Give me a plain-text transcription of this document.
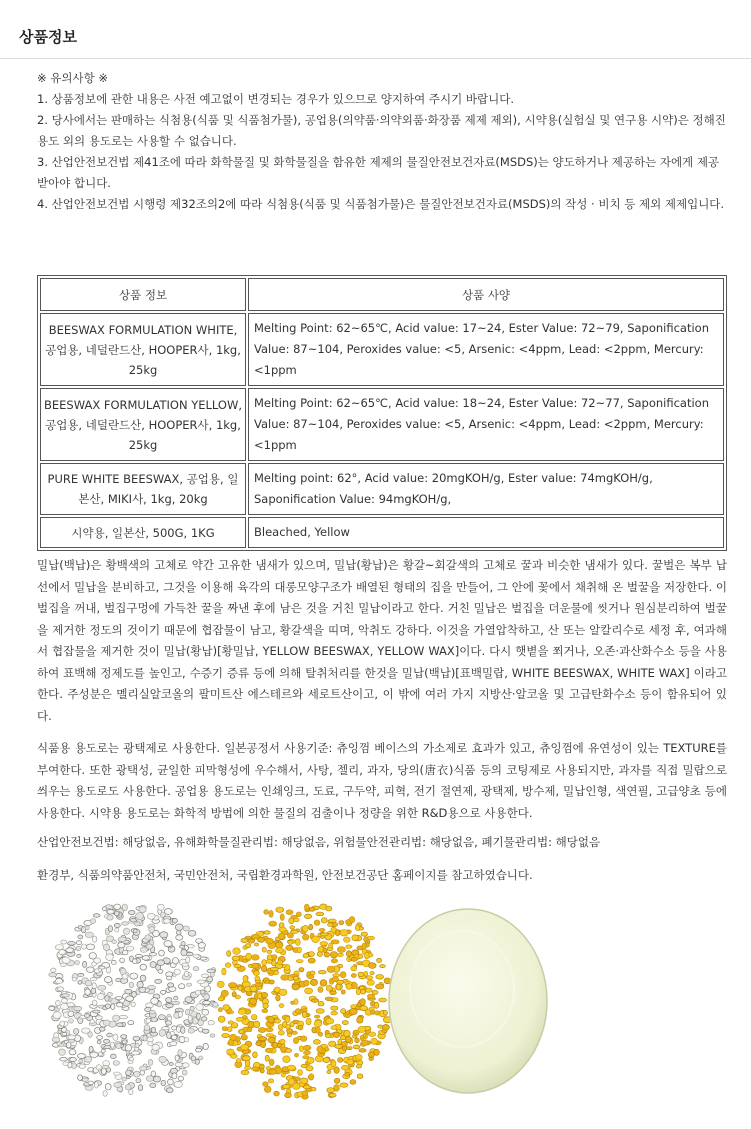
상품정보

※ 유의사항 ※

1. 상품정보에 관한 내용은 사전 예고없이 변경되는 경우가 있으므로 양지하여 주시기 바랍니다.

2. 당사에서는 판매하는 식첨용(식품 및 식품첨가물), 공업용(의약품·의약외품·화장품 제제 제외), 시약용(실험실 및 연구용 시약)은 정해진 용도 외의 용도로는 사용할 수 없습니다.

3. 산업안전보건법 제41조에 따라 화학물질 및 화학물질을 함유한 제제의 물질안전보건자료(MSDS)는 양도하거나 제공하는 자에게 제공받아야 합니다.

4. 산업안전보건법 시행령 제32조의2에 따라 식첨용(식품 및 식품첨가물)은 물질안전보건자료(MSDS)의 작성 · 비치 등 제외 제제입니다.

상품 정보	상품 사양
BEESWAX FORMULATION WHITE, 공업용, 네덜란드산, HOOPER사, 1kg, 25kg	Melting Point: 62~65℃, Acid value: 17~24, Ester Value: 72~79, Saponification Value: 87~104, Peroxides value: <5, Arsenic: <4ppm, Lead: <2ppm, Mercury: <1ppm
BEESWAX FORMULATION YELLOW, 공업용, 네덜란드산, HOOPER사, 1kg, 25kg	Melting Point: 62~65℃, Acid value: 18~24, Ester Value: 72~77, Saponification Value: 87~104, Peroxides value: <5, Arsenic: <4ppm, Lead: <2ppm, Mercury: <1ppm
PURE WHITE BEESWAX, 공업용, 일본산, MIKI사, 1kg, 20kg	Melting point: 62°, Acid value: 20mgKOH/g, Ester value: 74mgKOH/g, Saponification Value: 94mgKOH/g,
시약용, 일본산, 500G, 1KG	Bleached, Yellow

밀납(백납)은 황백색의 고체로 약간 고유한 냄새가 있으며, 밀납(황납)은 황갈~회갈색의 고체로 꿀과 비슷한 냄새가 있다. 꿀벌은 복부 납선에서 밀납을 분비하고, 그것을 이용해 육각의 대롱모양구조가 배열된 형태의 집을 만들어, 그 안에 꽃에서 채취해 온 벌꿀을 저장한다. 이 벌집을 꺼내, 벌집구멍에 가득찬 꿀을 짜낸 후에 남은 것을 거친 밀납이라고 한다. 거친 밀납은 벌집을 더운물에 씻거나 원심분리하여 벌꿀을 제거한 정도의 것이기 때문에 협잡물이 남고, 황갈색을 띠며, 악취도 강하다. 이것을 가열압착하고, 산 또는 알칼리수로 세정 후, 여과해서 협잡물을 제거한 것이 밀납(황납)[황밀납, YELLOW BEESWAX, YELLOW WAX]이다. 다시 햇볕을 쬐거나, 오존·과산화수소 등을 사용하여 표백해 정제도를 높인고, 수증기 증류 등에 의해 탈취처리를 한것을 밀납(백납)[표백밀랍, WHITE BEESWAX, WHITE WAX] 이라고 한다. 주성분은 멜리실알코올의 팔미트산 에스테르와 세로트산이고, 이 밖에 여러 가지 지방산·알코올 및 고급탄화수소 등이 함유되어 있다.

식품용 용도로는 광택제로 사용한다. 일본공정서 사용기준: 츄잉껌 베이스의 가소제로 효과가 있고, 츄잉껌에 유연성이 있는 TEXTURE를 부여한다. 또한 광택성, 균일한 피막형성에 우수해서, 사탕, 젤리, 과자, 당의(唐衣)식품 등의 코팅제로 사용되지만, 과자를 직접 밀랍으로 씌우는 용도로도 사용한다. 공업용 용도로는 인쇄잉크, 도료, 구두약, 피혁, 전기 절연제, 광택제, 방수제, 밀납인형, 색연필, 고급양초 등에 사용한다. 시약용 용도로는 화학적 방법에 의한 물질의 검출이나 정량을 위한 R&D용으로 사용한다.

산업안전보건법: 해당없음, 유해화학물질관리법: 해당없음, 위험물안전관리법: 해당없음, 폐기물관리법: 해당없음

환경부, 식품의약품안전처, 국민안전처, 국립환경과학원, 안전보건공단 홈페이지를 참고하였습니다.
